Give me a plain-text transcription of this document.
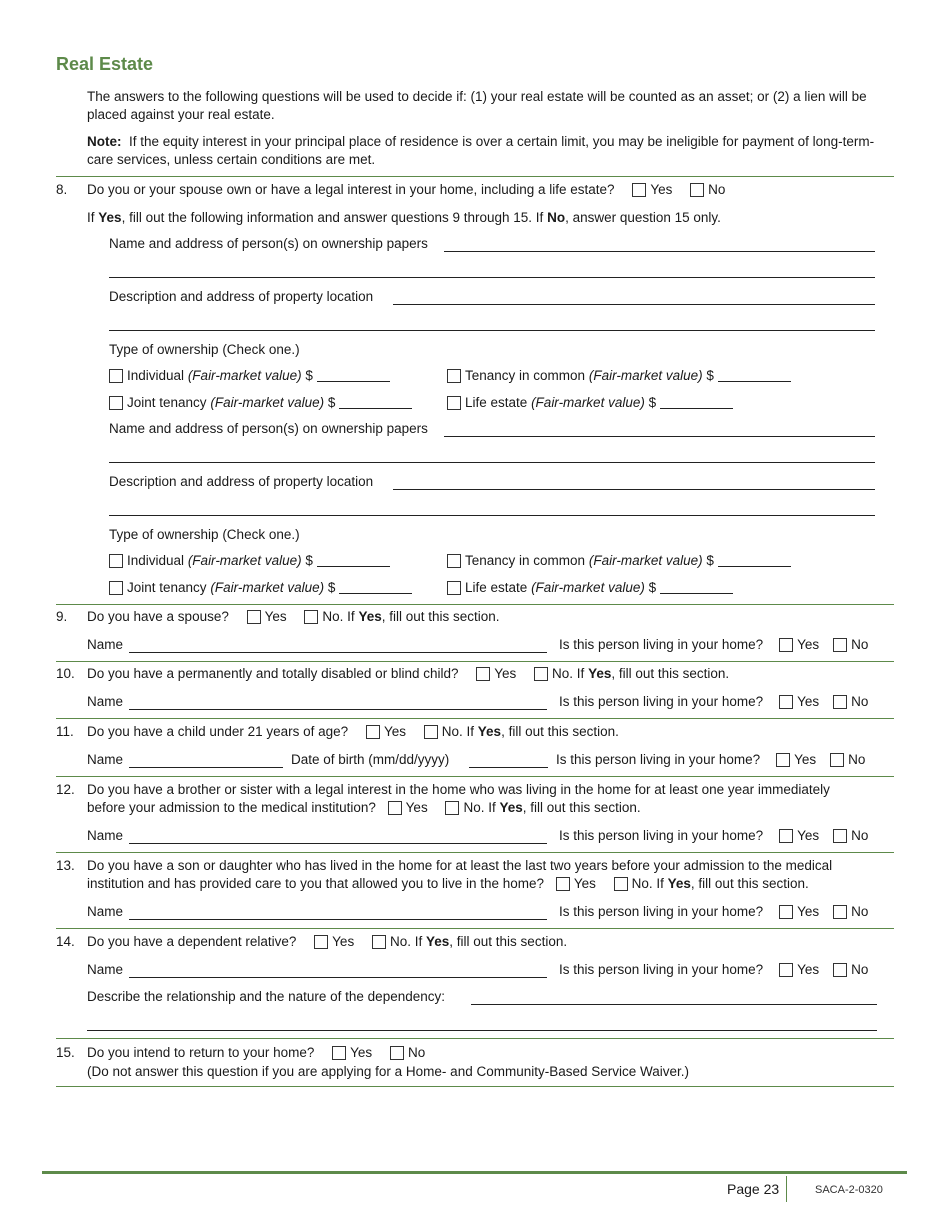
Real Estate
The answers to the following questions will be used to decide if: (1) your real estate will be counted as an asset; or (2) a lien will be placed against your real estate.
Note: If the equity interest in your principal place of residence is over a certain limit, you may be ineligible for payment of long-term-care services, unless certain conditions are met.
8. Do you or your spouse own or have a legal interest in your home, including a life estate?	Yes	No
If Yes, fill out the following information and answer questions 9 through 15. If No, answer question 15 only.
Name and address of person(s) on ownership papers
Description and address of property location
Type of ownership (Check one.)
Individual (Fair-market value) $	Tenancy in common (Fair-market value) $
Joint tenancy (Fair-market value) $	Life estate (Fair-market value) $
Name and address of person(s) on ownership papers
Description and address of property location
Type of ownership (Check one.)
Individual (Fair-market value) $	Tenancy in common (Fair-market value) $
Joint tenancy (Fair-market value) $	Life estate (Fair-market value) $
9. Do you have a spouse?	Yes	No. If Yes, fill out this section.
Name	Is this person living in your home?	Yes No
10. Do you have a permanently and totally disabled or blind child?	Yes	No. If Yes, fill out this section.
Name	Is this person living in your home?	Yes No
11. Do you have a child under 21 years of age?	Yes	No. If Yes, fill out this section.
Name	Date of birth (mm/dd/yyyy)	Is this person living in your home?	Yes No
12. Do you have a brother or sister with a legal interest in the home who was living in the home for at least one year immediately
before your admission to the medical institution? Yes	No. If Yes, fill out this section.
Name	Is this person living in your home?	Yes No
13. Do you have a son or daughter who has lived in the home for at least the last two years before your admission to the medical
institution and has provided care to you that allowed you to live in the home? Yes	No. If Yes, fill out this section.
Name	Is this person living in your home?	Yes No
14. Do you have a dependent relative?	Yes	No. If Yes, fill out this section.
Name	Is this person living in your home?	Yes No
Describe the relationship and the nature of the dependency:
15. Do you intend to return to your home?	Yes	No
(Do not answer this question if you are applying for a Home- and Community-Based Service Waiver.)
Page 23	SACA-2-0320
